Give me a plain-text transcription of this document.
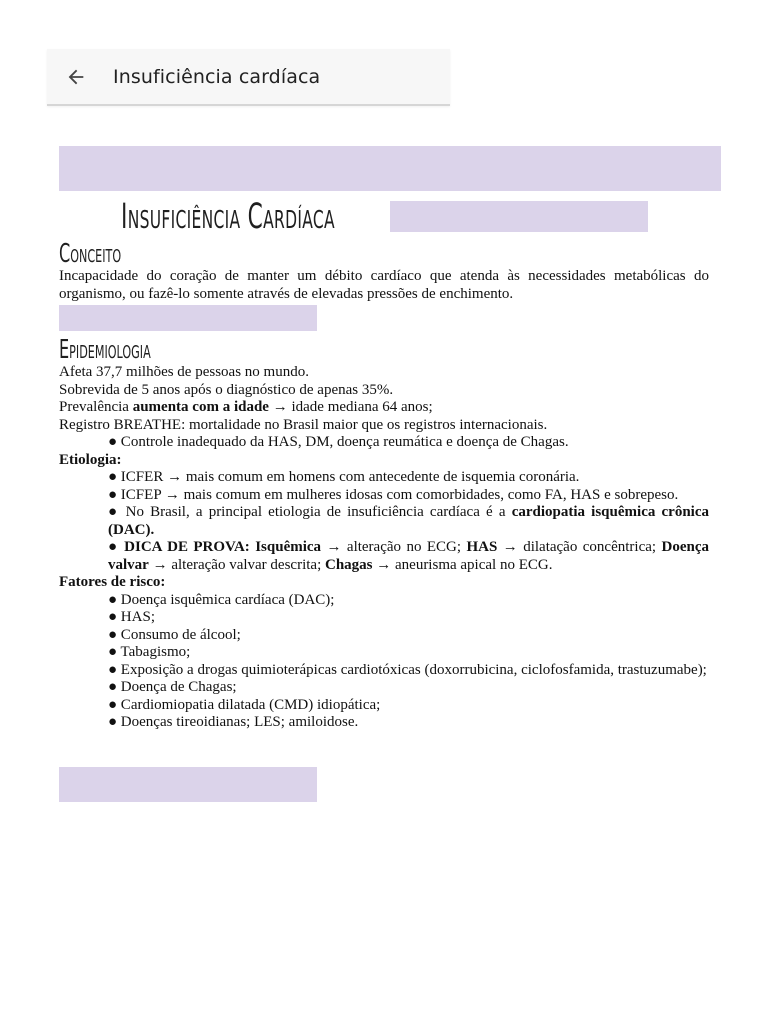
Insuficiência cardíaca
Insuficiência Cardíaca
Conceito
Incapacidade do coração de manter um débito cardíaco que atenda às necessidades metabólicas do organismo, ou fazê-lo somente através de elevadas pressões de enchimento.
Epidemiologia
Afeta 37,7 milhões de pessoas no mundo.
Sobrevida de 5 anos após o diagnóstico de apenas 35%.
Prevalência aumenta com a idade → idade mediana 64 anos;
Registro BREATHE: mortalidade no Brasil maior que os registros internacionais.
● Controle inadequado da HAS, DM, doença reumática e doença de Chagas.
Etiologia:
● ICFER → mais comum em homens com antecedente de isquemia coronária.
● ICFEP → mais comum em mulheres idosas com comorbidades, como FA, HAS e sobrepeso.
● No Brasil, a principal etiologia de insuficiência cardíaca é a cardiopatia isquêmica crônica (DAC).
● DICA DE PROVA: Isquêmica → alteração no ECG; HAS → dilatação concêntrica; Doença valvar → alteração valvar descrita; Chagas → aneurisma apical no ECG.
Fatores de risco:
● Doença isquêmica cardíaca (DAC);
● HAS;
● Consumo de álcool;
● Tabagismo;
● Exposição a drogas quimioterápicas cardiotóxicas (doxorrubicina, ciclofosfamida, trastuzumabe);
● Doença de Chagas;
● Cardiomiopatia dilatada (CMD) idiopática;
● Doenças tireoidianas; LES; amiloidose.
